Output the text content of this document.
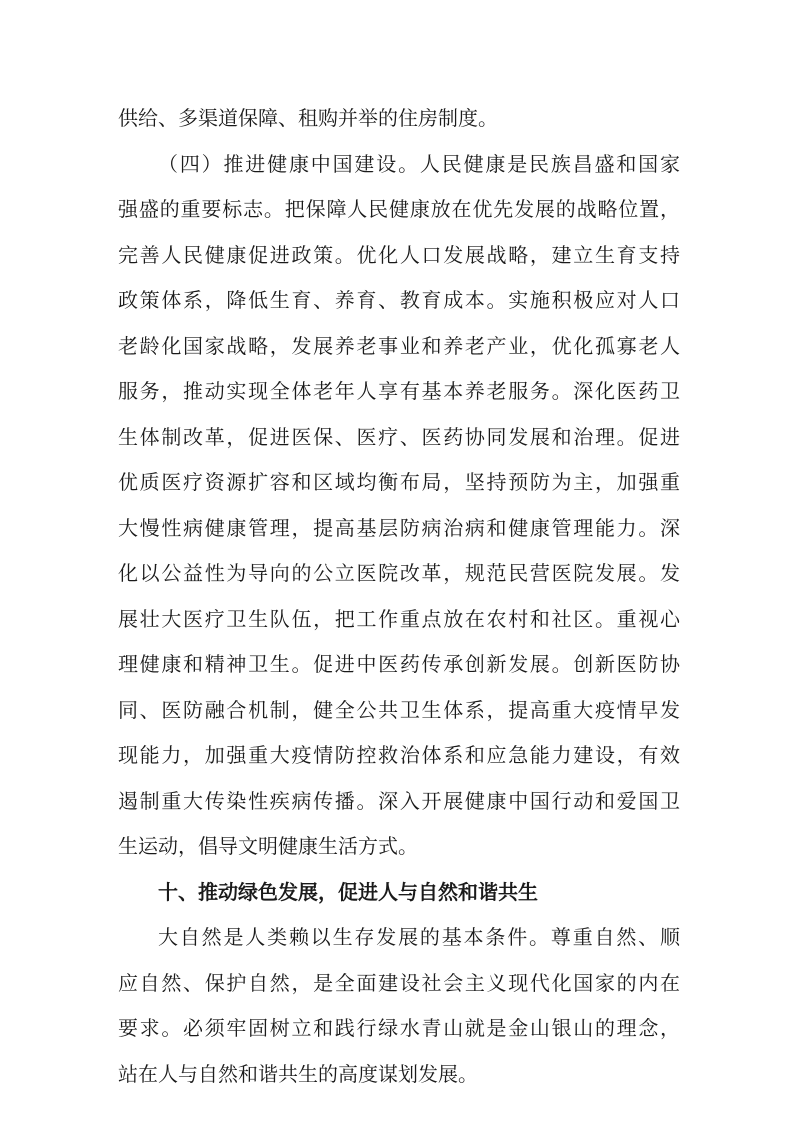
供给、多渠道保障、租购并举的住房制度。
（四）推进健康中国建设。人民健康是民族昌盛和国家
强盛的重要标志。把保障人民健康放在优先发展的战略位置，
完善人民健康促进政策。优化人口发展战略，建立生育支持
政策体系，降低生育、养育、教育成本。实施积极应对人口
老龄化国家战略，发展养老事业和养老产业，优化孤寡老人
服务，推动实现全体老年人享有基本养老服务。深化医药卫
生体制改革，促进医保、医疗、医药协同发展和治理。促进
优质医疗资源扩容和区域均衡布局，坚持预防为主，加强重
大慢性病健康管理，提高基层防病治病和健康管理能力。深
化以公益性为导向的公立医院改革，规范民营医院发展。发
展壮大医疗卫生队伍，把工作重点放在农村和社区。重视心
理健康和精神卫生。促进中医药传承创新发展。创新医防协
同、医防融合机制，健全公共卫生体系，提高重大疫情早发
现能力，加强重大疫情防控救治体系和应急能力建设，有效
遏制重大传染性疾病传播。深入开展健康中国行动和爱国卫
生运动，倡导文明健康生活方式。
十、推动绿色发展，促进人与自然和谐共生
大自然是人类赖以生存发展的基本条件。尊重自然、顺
应自然、保护自然，是全面建设社会主义现代化国家的内在
要求。必须牢固树立和践行绿水青山就是金山银山的理念，
站在人与自然和谐共生的高度谋划发展。
